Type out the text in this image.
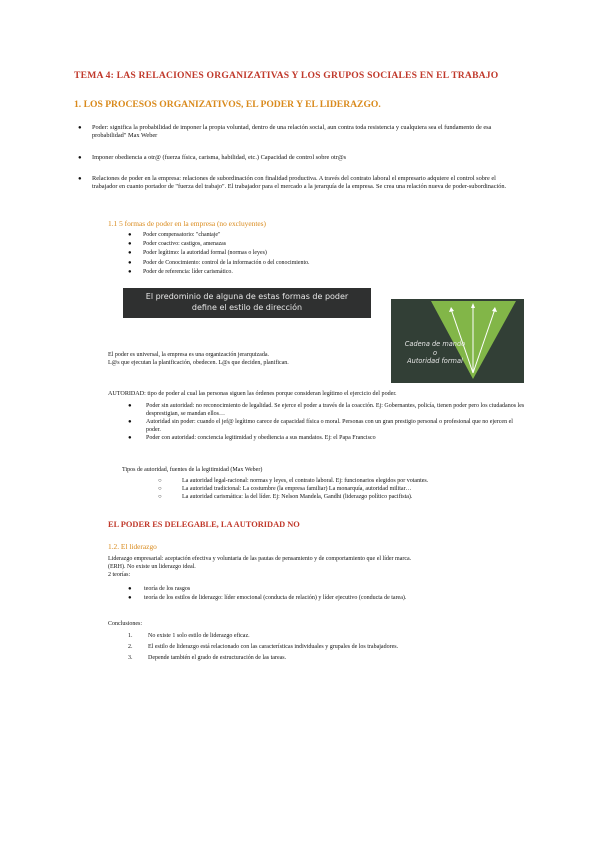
TEMA 4: LAS RELACIONES ORGANIZATIVAS Y LOS GRUPOS SOCIALES EN EL TRABAJO
1. LOS PROCESOS ORGANIZATIVOS, EL PODER Y EL LIDERAZGO.
● Poder: significa la probabilidad de imponer la propia voluntad, dentro de una relación social, aun contra toda resistencia y cualquiera sea el fundamento de esa probabilidad" Max Weber
● Imponer obediencia a otr@ (fuerza física, carisma, habilidad, etc.) Capacidad de control sobre otr@s
● Relaciones de poder en la empresa: relaciones de subordinación con finalidad productiva. A través del contrato laboral el empresario adquiere el control sobre el trabajador en cuanto portador de "fuerza del trabajo". El trabajador para el mercado a la jerarquía de la empresa. Se crea una relación nueva de poder-subordinación.
1.1 5 formas de poder en la empresa (no excluyentes)
● Poder compensatorio: "chantaje"
● Poder coactivo: castigos, amenazas
● Poder legítimo: la autoridad formal (normas o leyes)
● Poder de Conocimiento: control de la información o del conocimiento.
● Poder de referencia: líder carismático.
El predominio de alguna de estas formas de poder
define el estilo de dirección
Cadena de mando
o
Autoridad formal
El poder es universal, la empresa es una organización jerarquizada.
L@s que ejecutan la planificación, obedecen. L@s que deciden, planifican.
AUTORIDAD: tipo de poder al cual las personas siguen las órdenes porque consideran legítimo el ejercicio del poder.
● Poder sin autoridad: no reconocimiento de legalidad. Se ejerce el poder a través de la coacción. Ej: Gobernantes, policía, tienen poder pero los ciudadanos les desprestigian, se mandan ellos…
● Autoridad sin poder: cuando el jef@ legítimo carece de capacidad física o moral. Personas con un gran prestigio personal o profesional que no ejercen el poder.
● Poder con autoridad: conciencia legitimidad y obediencia a sus mandatos. Ej: el Papa Francisco
Tipos de autoridad, fuentes de la legitimidad (Max Weber)
○	La autoridad legal-racional: normas y leyes, el contrato laboral. Ej: funcionarios elegidos por votantes.
○	La autoridad tradicional: La costumbre (la empresa familiar) La monarquía, autoridad militar…
○	La autoridad carismática: la del líder. Ej: Nelson Mandela, Gandhi (liderazgo político pacifista).
EL PODER ES DELEGABLE, LA AUTORIDAD NO
1.2. El liderazgo
Liderazgo empresarial: aceptación efectiva y voluntaria de las pautas de pensamiento y de comportamiento que el líder marca.
(ERH). No existe un liderazgo ideal.
2 teorías:
● teoría de los rasgos
● teoría de los estilos de liderazgo: líder emocional (conducta de relación) y líder ejecutivo (conducta de tarea).
Conclusiones:
1.	No existe 1 solo estilo de liderazgo eficaz.
2.	El estilo de liderazgo está relacionado con las características individuales y grupales de los trabajadores.
3.	Depende también el grado de estructuración de las tareas.
